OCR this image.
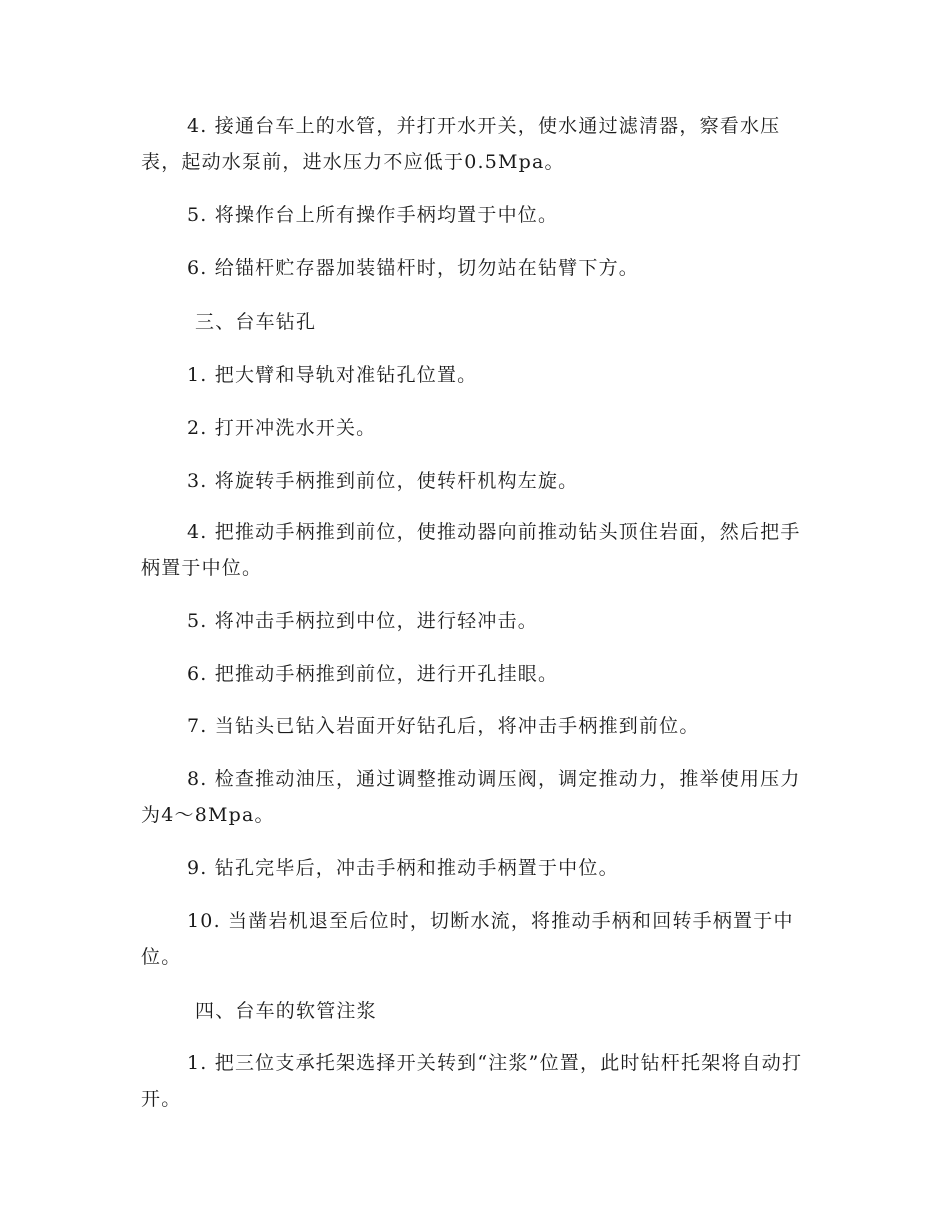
4. 接通台车上的水管，并打开水开关，使水通过滤清器，察看水压表，起动水泵前，进水压力不应低于0.5Mpa。

5. 将操作台上所有操作手柄均置于中位。

6. 给锚杆贮存器加装锚杆时，切勿站在钻臂下方。

三、台车钻孔

1. 把大臂和导轨对准钻孔位置。

2. 打开冲洗水开关。

3. 将旋转手柄推到前位，使转杆机构左旋。

4. 把推动手柄推到前位，使推动器向前推动钻头顶住岩面，然后把手柄置于中位。

5. 将冲击手柄拉到中位，进行轻冲击。

6. 把推动手柄推到前位，进行开孔挂眼。

7. 当钻头已钻入岩面开好钻孔后，将冲击手柄推到前位。

8. 检查推动油压，通过调整推动调压阀，调定推动力，推举使用压力为4～8Mpa。

9. 钻孔完毕后，冲击手柄和推动手柄置于中位。

10. 当凿岩机退至后位时，切断水流，将推动手柄和回转手柄置于中位。

四、台车的软管注浆

1. 把三位支承托架选择开关转到“注浆”位置，此时钻杆托架将自动打开。
